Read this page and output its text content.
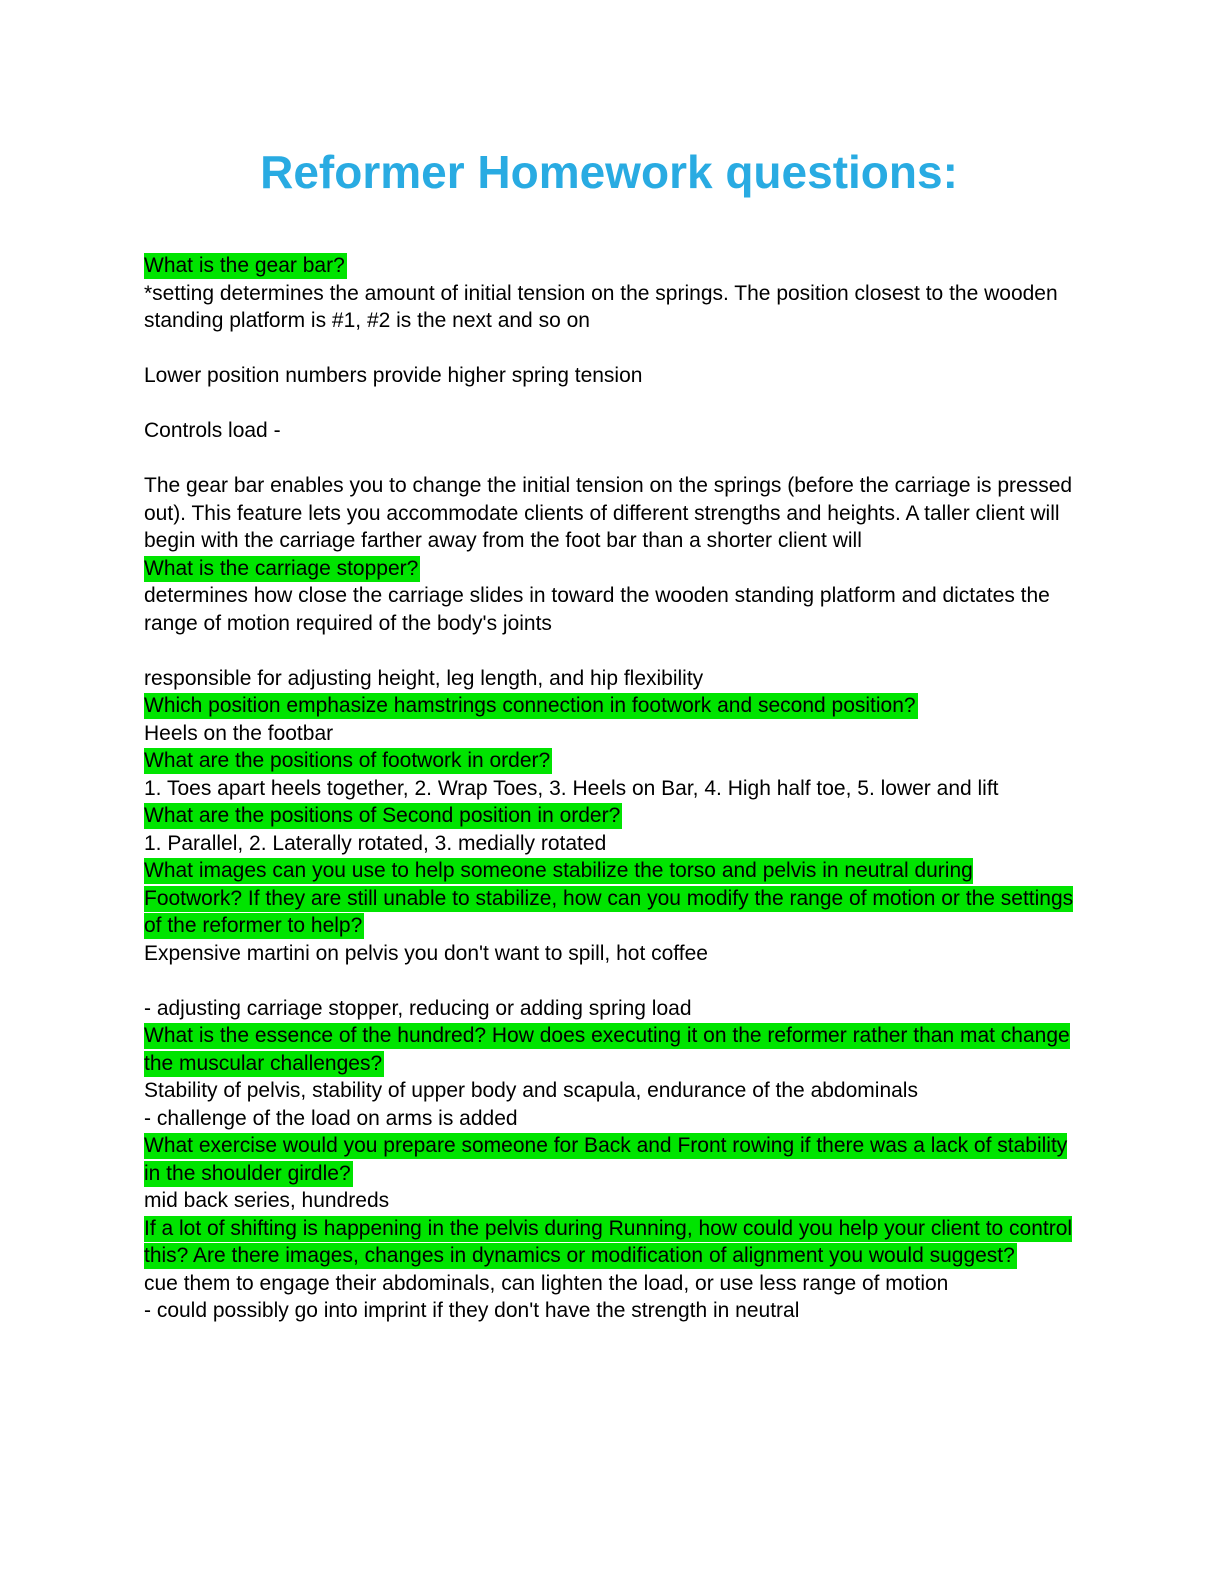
Reformer Homework questions:

What is the gear bar?

*setting determines the amount of initial tension on the springs. The position closest to the wooden standing platform is #1, #2 is the next and so on

Lower position numbers provide higher spring tension

Controls load -

The gear bar enables you to change the initial tension on the springs (before the carriage is pressed out). This feature lets you accommodate clients of different strengths and heights. A taller client will begin with the carriage farther away from the foot bar than a shorter client will

What is the carriage stopper?

determines how close the carriage slides in toward the wooden standing platform and dictates the range of motion required of the body's joints

responsible for adjusting height, leg length, and hip flexibility

Which position emphasize hamstrings connection in footwork and second position?

Heels on the footbar

What are the positions of footwork in order?

1. Toes apart heels together, 2. Wrap Toes, 3. Heels on Bar, 4. High half toe, 5. lower and lift

What are the positions of Second position in order?

1. Parallel, 2. Laterally rotated, 3. medially rotated

What images can you use to help someone stabilize the torso and pelvis in neutral during Footwork? If they are still unable to stabilize, how can you modify the range of motion or the settings of the reformer to help?

Expensive martini on pelvis you don't want to spill, hot coffee

- adjusting carriage stopper, reducing or adding spring load

What is the essence of the hundred? How does executing it on the reformer rather than mat change the muscular challenges?

Stability of pelvis, stability of upper body and scapula, endurance of the abdominals

- challenge of the load on arms is added

What exercise would you prepare someone for Back and Front rowing if there was a lack of stability in the shoulder girdle?

mid back series, hundreds

If a lot of shifting is happening in the pelvis during Running, how could you help your client to control this? Are there images, changes in dynamics or modification of alignment you would suggest?

cue them to engage their abdominals, can lighten the load, or use less range of motion

- could possibly go into imprint if they don't have the strength in neutral
